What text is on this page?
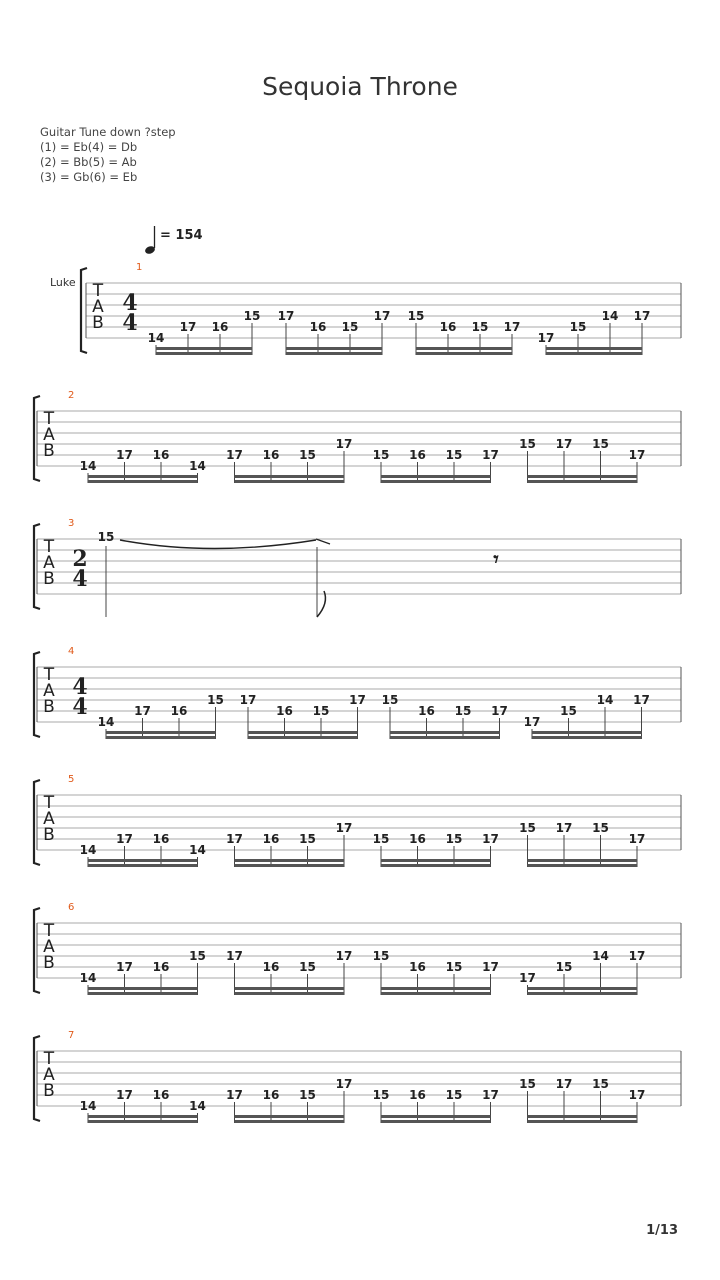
Sequoia Throne
Guitar Tune down ?step
(1) = Eb(4) = Db
(2) = Bb(5) = Ab
(3) = Gb(6) = Eb
= 154
Luke T
A
B
1
4
4
14
17 16
15 17
16 15
17 15
16 15 17
17
15
14 17
T
A
B
2
14
17 16
14
17 16 15
17
15 16 15 17
15 17 15
17
T
A
B
3
2
4
15
𝄾
T
A
B
4
4
4
14
17 16
15 17
16 15
17 15
16 15 17
17
15
14 17
T
A
B
5
14
17 16
14
17 16 15
17
15 16 15 17
15 17 15
17
T
A
B
6
14
17 16
15 17
16 15
17 15
16 15 17
17
15
14 17
T
A
B
7
14
17 16
14
17 16 15
17
15 16 15 17
15 17 15
17
1/13
